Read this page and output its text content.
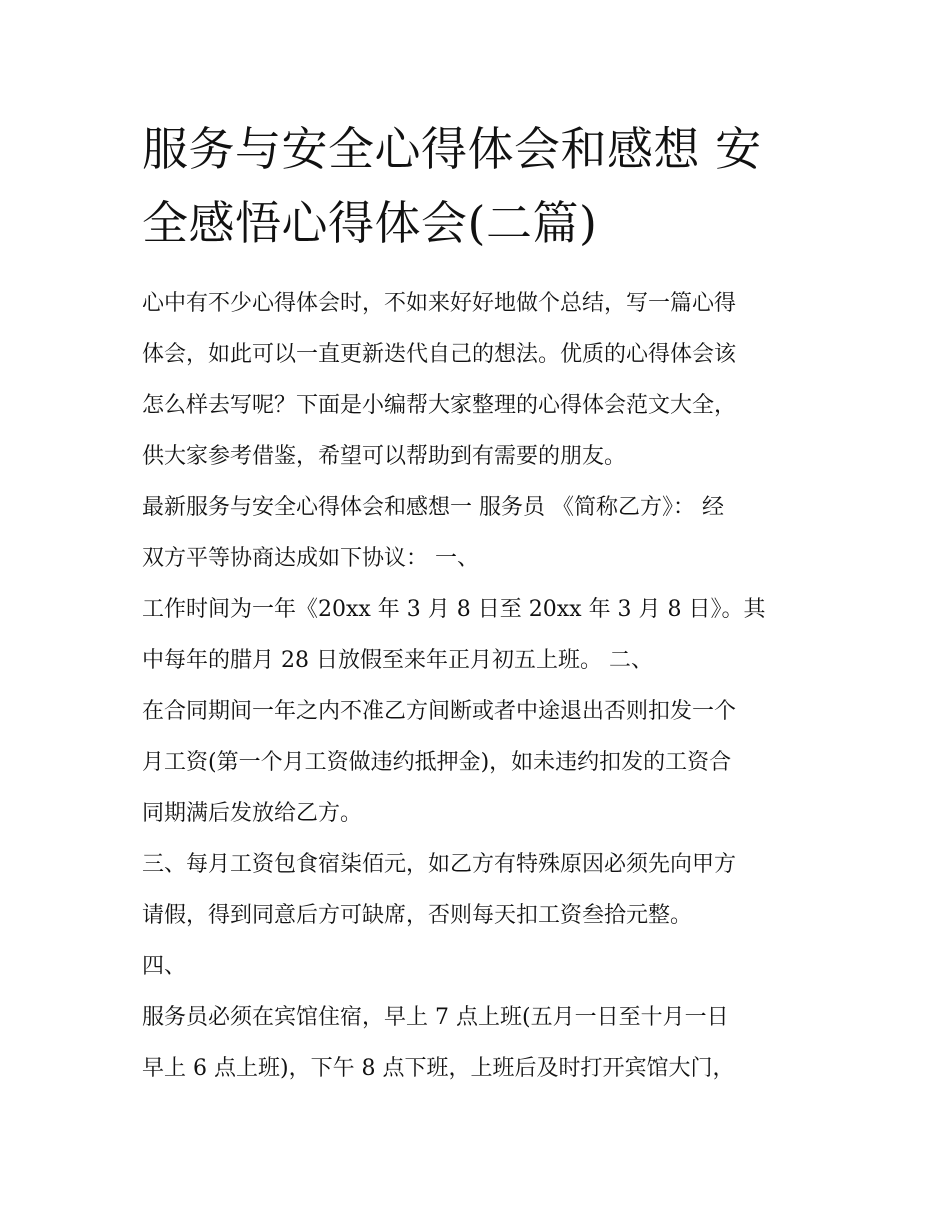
服务与安全心得体会和感想 安
全感悟心得体会(二篇)

心中有不少心得体会时，不如来好好地做个总结，写一篇心得

体会，如此可以一直更新迭代自己的想法。优质的心得体会该

怎么样去写呢？下面是小编帮大家整理的心得体会范文大全，

供大家参考借鉴，希望可以帮助到有需要的朋友。

最新服务与安全心得体会和感想一 服务员 《简称乙方》： 经

双方平等协商达成如下协议： 一、

工作时间为一年《20xx 年 3 月 8 日至 20xx 年 3 月 8 日》。其

中每年的腊月 28 日放假至来年正月初五上班。 二、

在合同期间一年之内不准乙方间断或者中途退出否则扣发一个

月工资(第一个月工资做违约抵押金)，如未违约扣发的工资合

同期满后发放给乙方。

三、每月工资包食宿柒佰元，如乙方有特殊原因必须先向甲方

请假，得到同意后方可缺席，否则每天扣工资叁拾元整。

四、

服务员必须在宾馆住宿，早上 7 点上班(五月一日至十月一日

早上 6 点上班)，下午 8 点下班，上班后及时打开宾馆大门，
